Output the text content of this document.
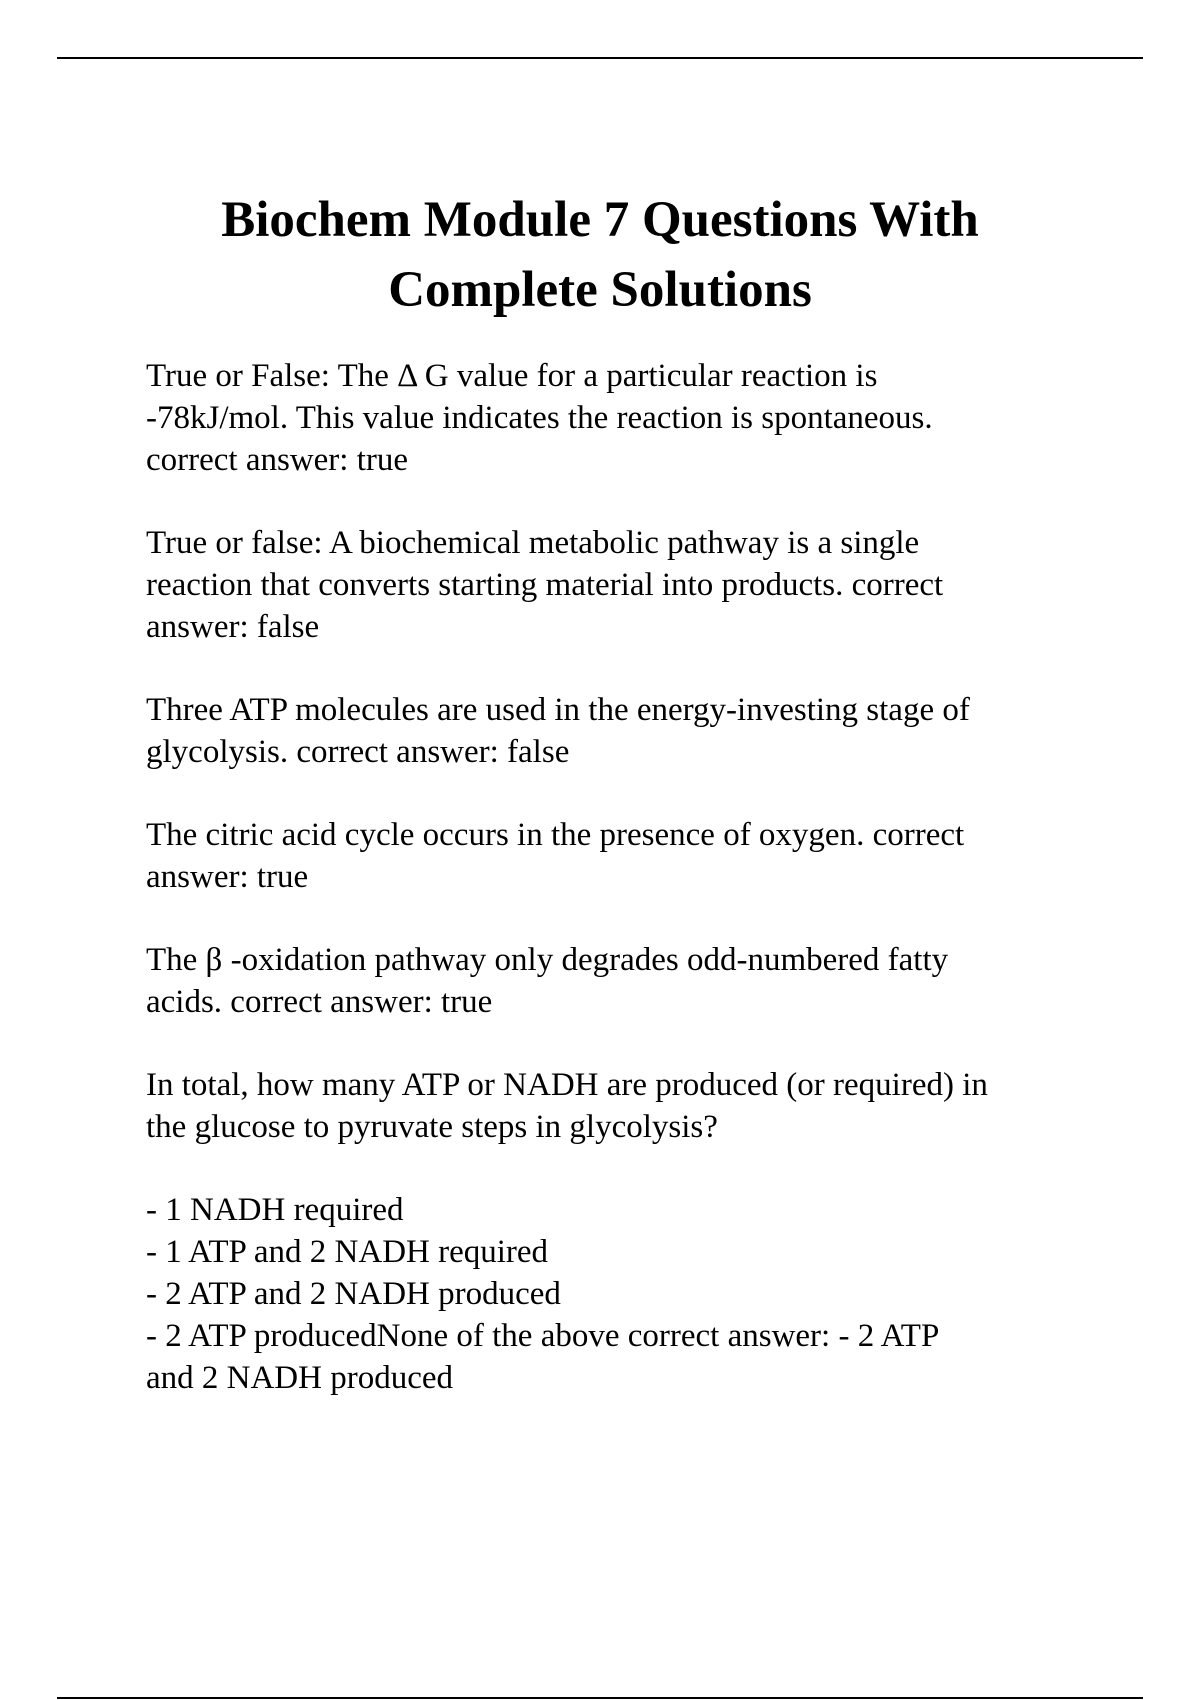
Biochem Module 7 Questions With
Complete Solutions

True or False: The Δ G value for a particular reaction is
-78kJ/mol. This value indicates the reaction is spontaneous.
correct answer: true

True or false: A biochemical metabolic pathway is a single
reaction that converts starting material into products. correct
answer: false

Three ATP molecules are used in the energy-investing stage of
glycolysis. correct answer: false

The citric acid cycle occurs in the presence of oxygen. correct
answer: true

The β -oxidation pathway only degrades odd-numbered fatty
acids. correct answer: true

In total, how many ATP or NADH are produced (or required) in
the glucose to pyruvate steps in glycolysis?

- 1 NADH required
- 1 ATP and 2 NADH required
- 2 ATP and 2 NADH produced
- 2 ATP producedNone of the above correct answer: - 2 ATP
and 2 NADH produced
